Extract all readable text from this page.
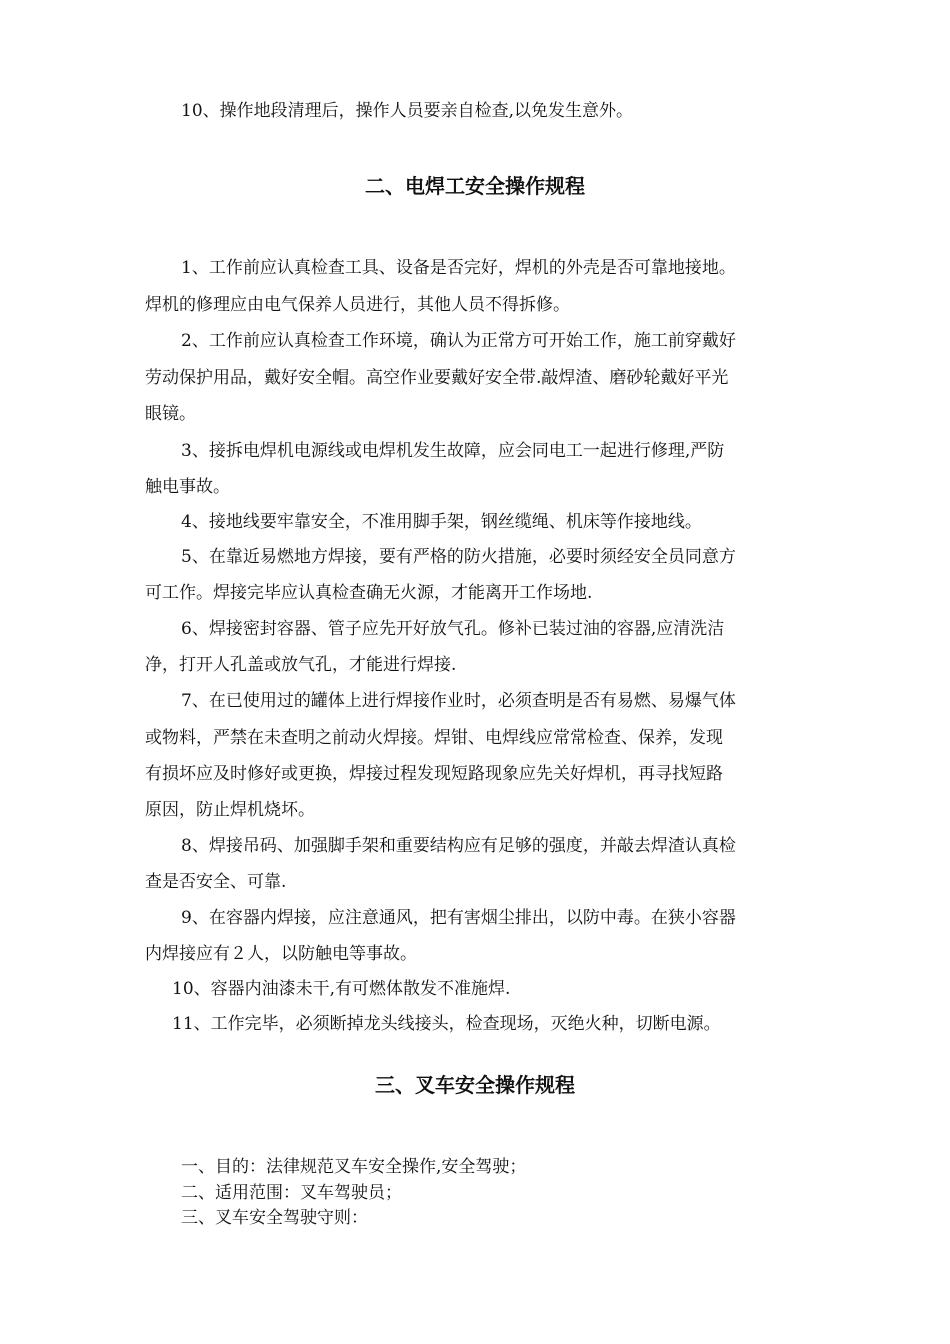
10、操作地段清理后，操作人员要亲自检查,以免发生意外。
二、电焊工安全操作规程
1、工作前应认真检查工具、设备是否完好，焊机的外壳是否可靠地接地。
焊机的修理应由电气保养人员进行，其他人员不得拆修。
2、工作前应认真检查工作环境，确认为正常方可开始工作，施工前穿戴好
劳动保护用品，戴好安全帽。高空作业要戴好安全带.敲焊渣、磨砂轮戴好平光
眼镜。
3、接拆电焊机电源线或电焊机发生故障，应会同电工一起进行修理,严防
触电事故。
4、接地线要牢靠安全，不准用脚手架，钢丝缆绳、机床等作接地线。
5、在靠近易燃地方焊接，要有严格的防火措施，必要时须经安全员同意方
可工作。焊接完毕应认真检查确无火源，才能离开工作场地.
6、焊接密封容器、管子应先开好放气孔。修补已装过油的容器,应清洗洁
净，打开人孔盖或放气孔，才能进行焊接.
7、在已使用过的罐体上进行焊接作业时，必须查明是否有易燃、易爆气体
或物料，严禁在未查明之前动火焊接。焊钳、电焊线应常常检查、保养，发现
有损坏应及时修好或更换，焊接过程发现短路现象应先关好焊机，再寻找短路
原因，防止焊机烧坏。
8、焊接吊码、加强脚手架和重要结构应有足够的强度，并敲去焊渣认真检
查是否安全、可靠.
9、在容器内焊接，应注意通风，把有害烟尘排出，以防中毒。在狭小容器
内焊接应有２人，以防触电等事故。
10、容器内油漆未干,有可燃体散发不准施焊.
11、工作完毕，必须断掉龙头线接头，检查现场，灭绝火种，切断电源。
三、叉车安全操作规程
一、目的：法律规范叉车安全操作,安全驾驶；
二、适用范围：叉车驾驶员；
三、叉车安全驾驶守则：
